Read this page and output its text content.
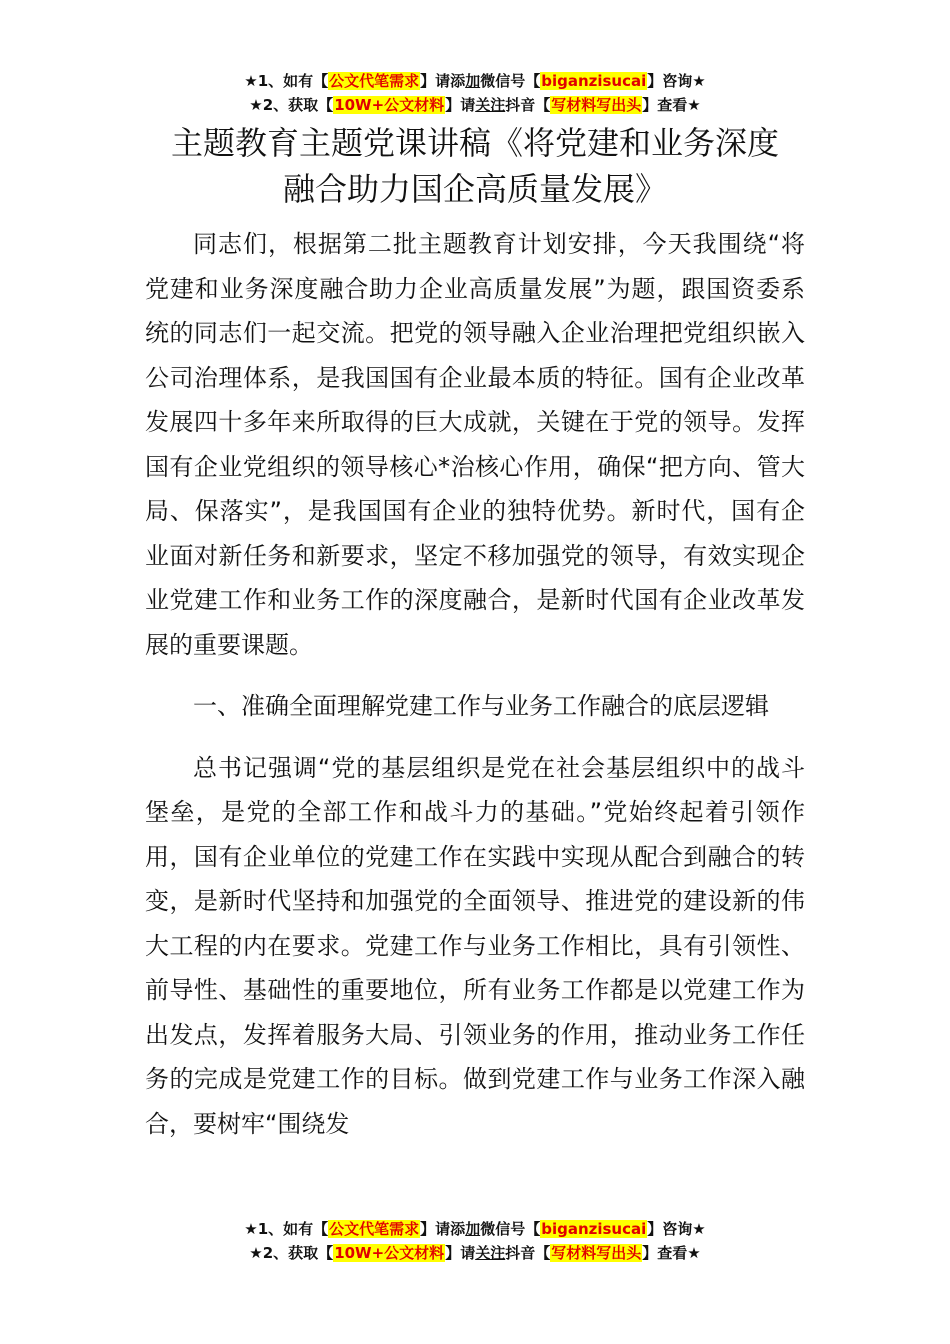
★1、如有【公文代笔需求】请添加微信号【biganzisucai】咨询★
★2、获取【10W+公文材料】请关注抖音【写材料写出头】查看★
主题教育主题党课讲稿《将党建和业务深度
融合助力国企高质量发展》

同志们，根据第二批主题教育计划安排，今天我围绕“将党建和业务深度融合助力企业高质量发展”为题，跟国资委系统的同志们一起交流。把党的领导融入企业治理把党组织嵌入公司治理体系，是我国国有企业最本质的特征。国有企业改革发展四十多年来所取得的巨大成就，关键在于党的领导。发挥国有企业党组织的领导核心*治核心作用，确保“把方向、管大局、保落实”，是我国国有企业的独特优势。新时代，国有企业面对新任务和新要求，坚定不移加强党的领导，有效实现企业党建工作和业务工作的深度融合，是新时代国有企业改革发展的重要课题。

一、准确全面理解党建工作与业务工作融合的底层逻辑

总书记强调“党的基层组织是党在社会基层组织中的战斗堡垒，是党的全部工作和战斗力的基础。”党始终起着引领作用，国有企业单位的党建工作在实践中实现从配合到融合的转变，是新时代坚持和加强党的全面领导、推进党的建设新的伟大工程的内在要求。党建工作与业务工作相比，具有引领性、前导性、基础性的重要地位，所有业务工作都是以党建工作为出发点，发挥着服务大局、引领业务的作用，推动业务工作任务的完成是党建工作的目标。做到党建工作与业务工作深入融合，要树牢“围绕发

★1、如有【公文代笔需求】请添加微信号【biganzisucai】咨询★
★2、获取【10W+公文材料】请关注抖音【写材料写出头】查看★
